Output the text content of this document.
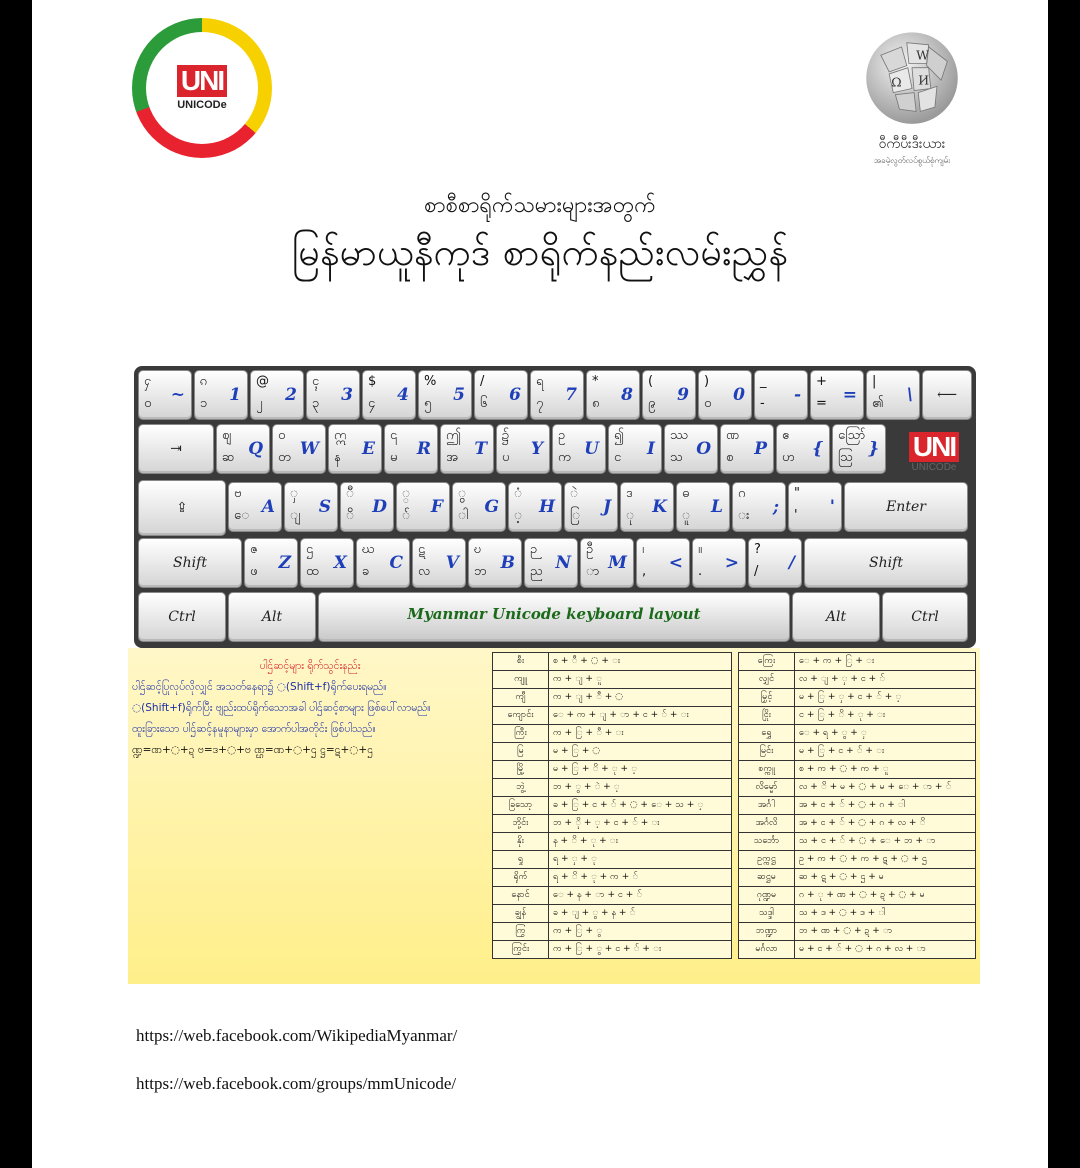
UNI
UNICODe
W
Ω И
ဝီကီပီးဒီးယား
အခမဲ့လွတ်လပ်စွယ်စုံကျမ်း
စာစီစာရိုက်သမားများအတွက်
မြန်မာယူနီကုဒ် စာရိုက်နည်းလမ်းညွှန်
ႁ
ဝ ~
ၵ
၁ 1
@
၂ 2
ၚ
၃ 3
$
၄ 4
%
၅ 5
/
၆ 6
ရ
၇ 7
*
၈ 8
(
၉ 9
)
၀ 0
_
- -
+
= =
|
၏ \	⟵
⇥
ဈ
ဆ Q
ဝ
တ W
ဣ
န E
၎
မ R
ဤ
အ T
၌
ပ Y
ဥ
က U
၍
င I
ဿ
သ O
ဏ
စ P
ဧ
ဟ {
ဪ
ဩ }
⇪
ဗ
ေ A
ှ
ျ S
ီ
ိ D
္
် F
ွ
ါ G
ံ
့ H
ဲ
ြ J
ဒ
ု K
ဓ
ူ L
ဂ
း ;
"
' '	Enter
Shift
ဇ
ဖ Z
ဌ
ထ X
ဃ
ခ C
ဋ
လ V
ဎ
ဘ B
ဉ
ည N
ဦ
ာ M
၊
, <
။
. >
?
/ /	Shift
Ctrl	Alt	Myanmar Unicode keyboard layout	Alt	Ctrl
UNI
UNICODe
ပါဌ်ဆင့်များ ရိုက်သွင်းနည်း
ပါဌ်ဆင့်ပြုလုပ်လိုလျှင် အသတ်နေရာ၌ ◌(Shift+f)ရိုက်ပေးရမည်။
◌(Shift+f)ရိုက်ပြီး ဗျည်းထပ်ရိုက်သောအခါ ပါဌ်ဆင့်စာများ ဖြစ်ပေါ်လာမည်။
ထူးခြားသော ပါဌ်ဆင့်နမူနာများမှာ အောက်ပါအတိုင်း ဖြစ်ပါသည်။
ဏ္ဍ=ဏ+◌+ဍ ဗ=ဒ+◌+ဗ ဏ္ဌ=ဏ+◌+ဌ ဋ္ဌ=ဋ+◌+ဌ
စီး	စ + ီ + ◌ + း
ကျူ	က + ျ + ူ
ကျီ	က + ျ + ီ + ◌
ကျောင်း	ေ + က + ျ + ာ + င + ် + း
ကြီး	က + ြ + ီ + း
မြ	မ + ြ + ◌
မြို့	မ + ြ + ိ + ု + ့
ဘွဲ့	ဘ + ွ + ဲ + ့
ခြသော့	ခ + ြ + င + ် + ◌ + ေ + သ + ့
ဘို့င်း	ဘ + ို + ့ + င + ် + း
နိုး	န + ိ + ု + း
ရှု	ရ + ှ + ု
ရိုက်	ရ + ိ + ု + က + ်
နောင်	ေ + န + ာ + င + ်
ချွန်	ခ + ျ + ွ + န + ်
ကြွ	က + ြ + ွ
ကြွင်း	က + ြ + ွ + င + ် + း
ကြေး	ေ + က + ြ + း
လျှင်	လ + ျ + ှ + င + ်
မြှင့်	မ + ြ + ှ + င + ် + ့
ငြိုး	င + ြ + ိ + ု + း
ရွှေ	ေ + ရ + ွ + ှ
မြင်း	မ + ြ + င + ် + း
စက္ကူ	စ + က + ◌ + က + ူ
လိမ္မော်	လ + ိ + မ + ◌ + မ + ေ + ာ + ်
အင်္ဂါ	အ + င + ် + ◌ + ဂ + ါ
အင်္ဂလိ	အ + င + ် + ◌ + ဂ + လ + ိ
သင်္ဘော	သ + င + ် + ◌ + ေ + ဘ + ာ
ဥက္ကဋ္ဌ	ဥ + က + ◌ + က + ဋ + ◌ + ဌ
ဆဋ္ဌမ	ဆ + ဋ + ◌ + ဌ + မ
ဂုဏ္ဍမ	ဂ + ု + ဏ + ◌ + ဍ + ◌ + မ
သဒ္ဒါ	သ + ဒ + ◌ + ဒ + ါ
ဘဏ္ဍာ	ဘ + ဏ + ◌ + ဍ + ာ
မင်္ဂလာ	မ + င + ် + ◌ + ဂ + လ + ာ
https://web.facebook.com/WikipediaMyanmar/
https://web.facebook.com/groups/mmUnicode/
